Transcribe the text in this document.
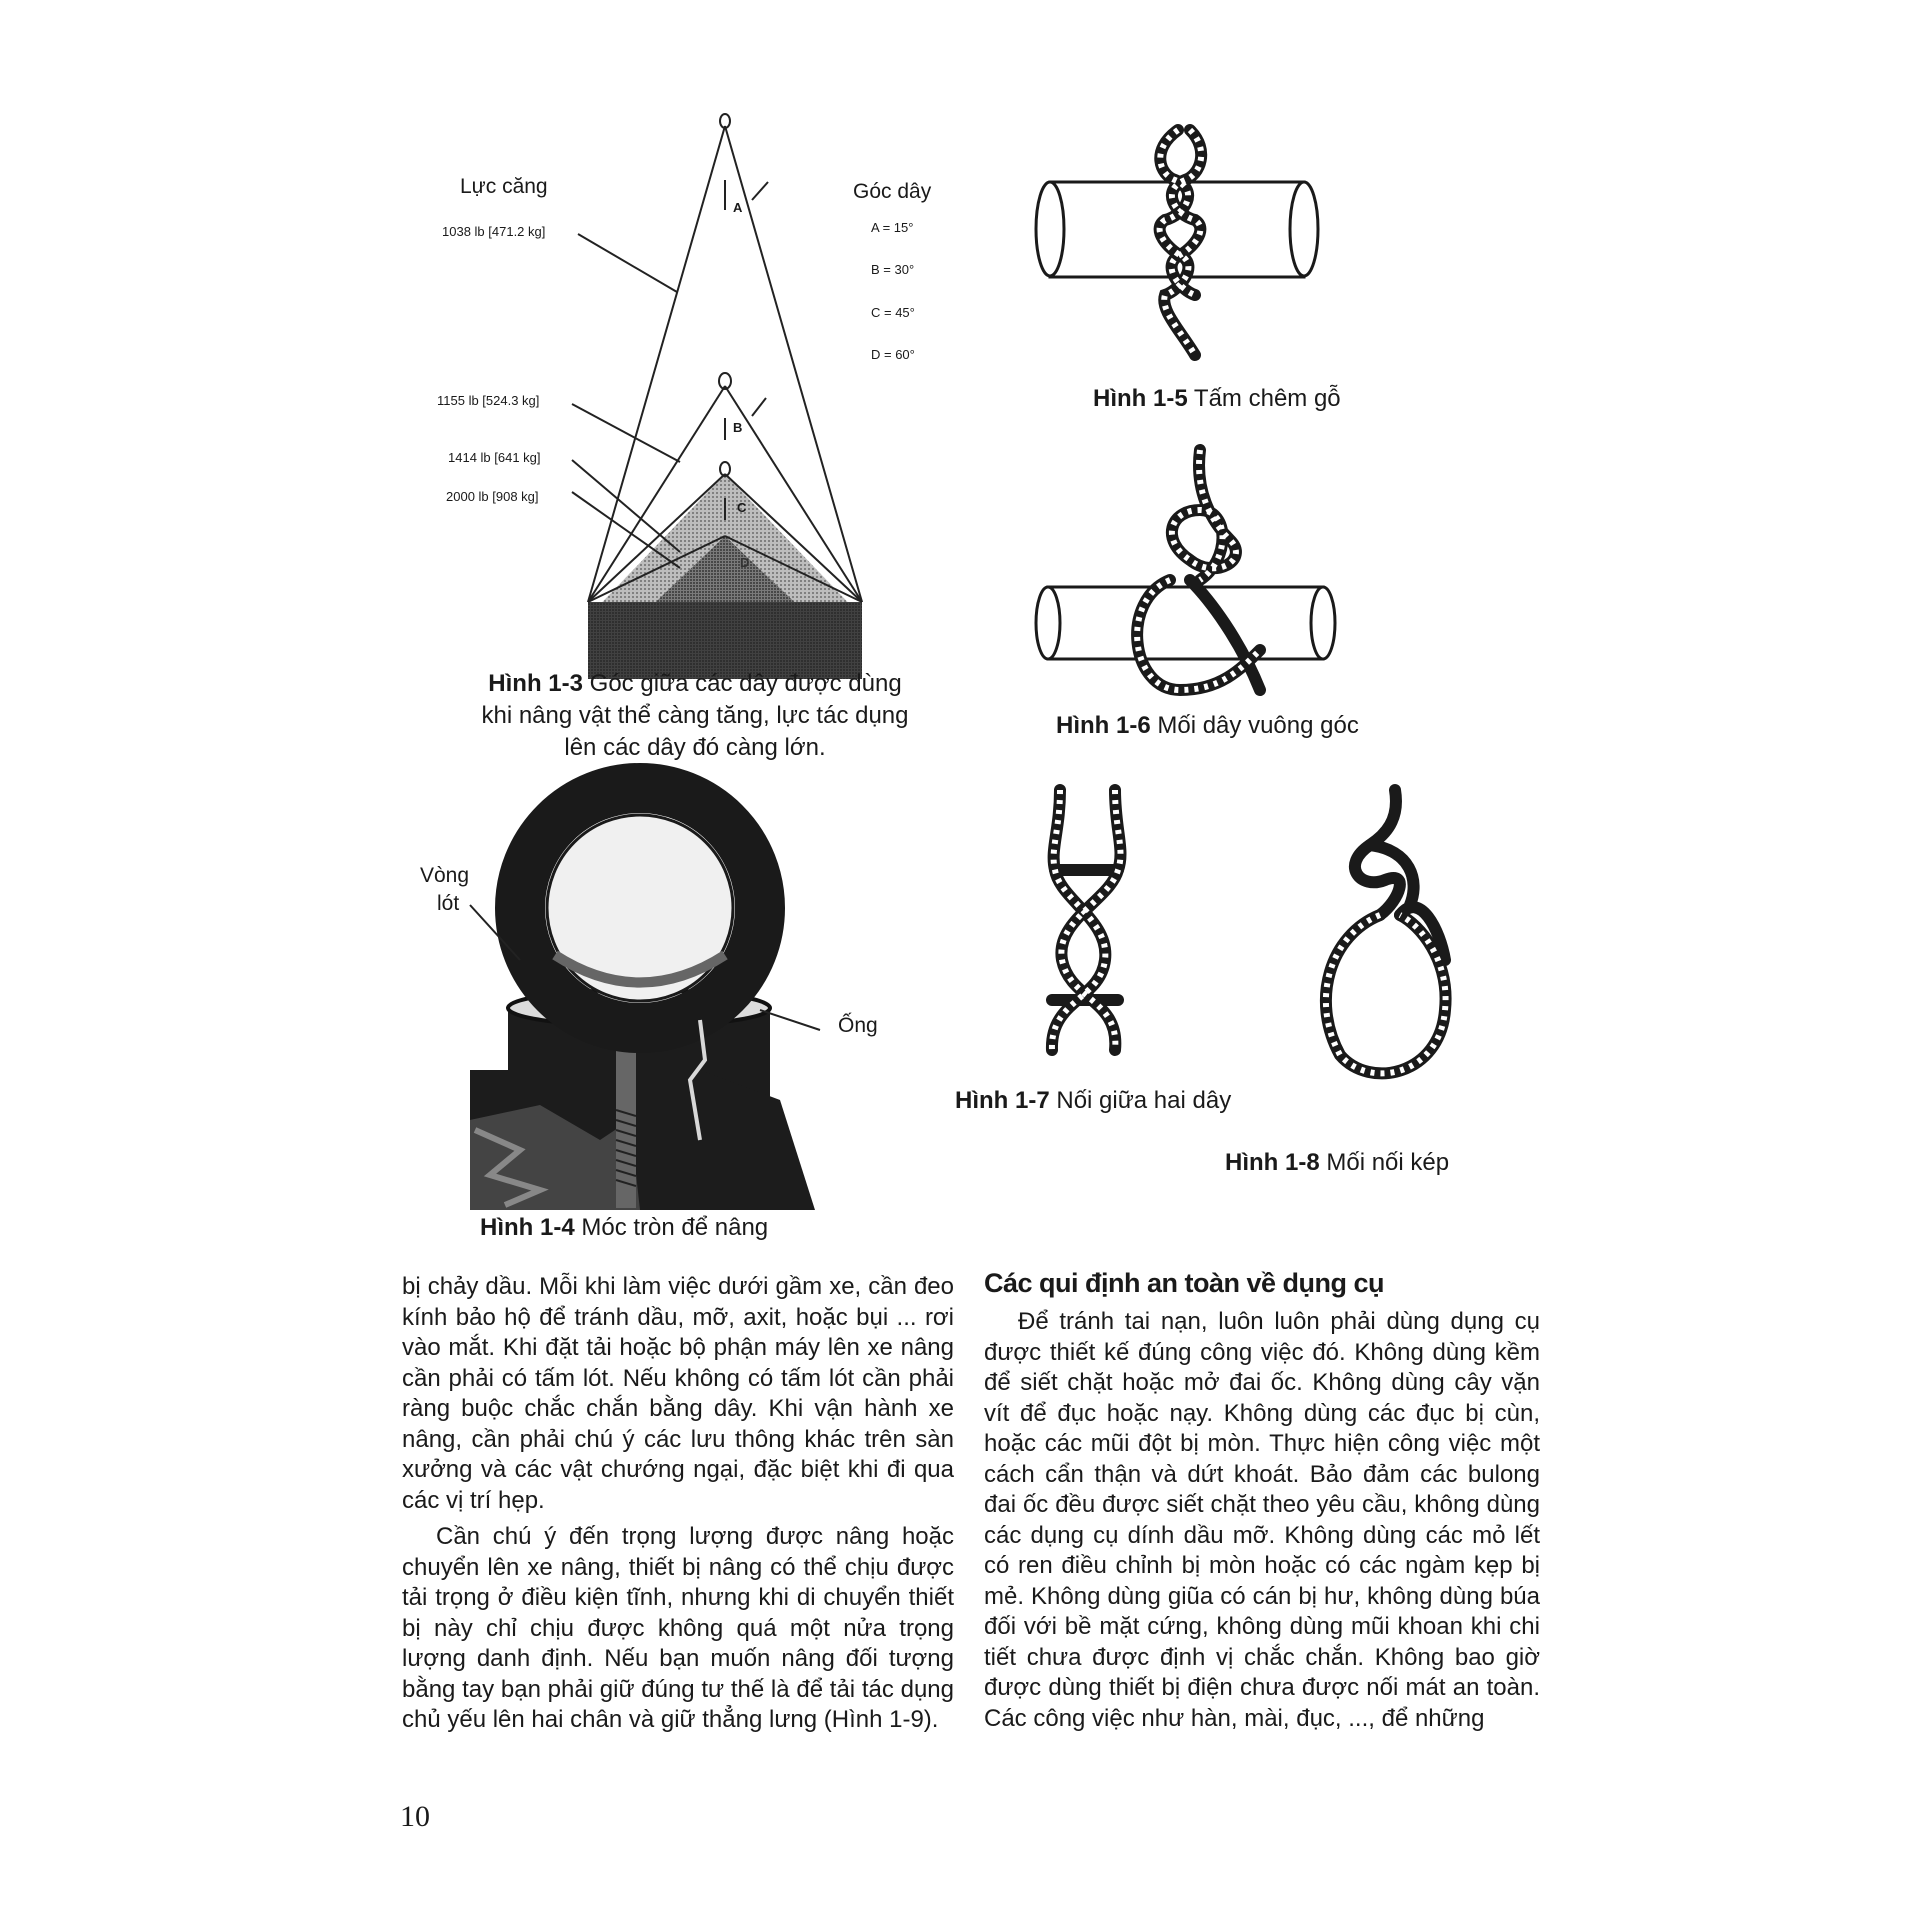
Lực căng	Góc dây
A
B
C
D
A = 15°
B = 30°
C = 45°
D = 60°
1038 lb [471.2 kg]
1155 lb [524.3 kg]
1414 lb [641 kg]
2000 lb [908 kg]
Hình 1-3 Góc giữa các dây được dùng
khi nâng vật thể càng tăng, lực tác dụng
lên các dây đó càng lớn.
Vòng
lót
Ống
Hình 1-4 Móc tròn để nâng
Hình 1-5 Tấm chêm gỗ
Hình 1-6 Mối dây vuông góc
Hình 1-7 Nối giữa hai dây
Hình 1-8 Mối nối kép

bị chảy dầu. Mỗi khi làm việc dưới gầm xe, cần đeo kính bảo hộ để tránh dầu, mỡ, axit, hoặc bụi ... rơi vào mắt. Khi đặt tải hoặc bộ phận máy lên xe nâng cần phải có tấm lót. Nếu không có tấm lót cần phải ràng buộc chắc chắn bằng dây. Khi vận hành xe nâng, cần phải chú ý các lưu thông khác trên sàn xưởng và các vật chướng ngại, đặc biệt khi đi qua các vị trí hẹp.

Cần chú ý đến trọng lượng được nâng hoặc chuyển lên xe nâng, thiết bị nâng có thể chịu được tải trọng ở điều kiện tĩnh, nhưng khi di chuyển thiết bị này chỉ chịu được không quá một nửa trọng lượng danh định. Nếu bạn muốn nâng đối tượng bằng tay bạn phải giữ đúng tư thế là để tải tác dụng chủ yếu lên hai chân và giữ thẳng lưng (Hình 1-9).

Các qui định an toàn về dụng cụ

Để tránh tai nạn, luôn luôn phải dùng dụng cụ được thiết kế đúng công việc đó. Không dùng kềm để siết chặt hoặc mở đai ốc. Không dùng cây vặn vít để đục hoặc nạy. Không dùng các đục bị cùn, hoặc các mũi đột bị mòn. Thực hiện công việc một cách cẩn thận và dứt khoát. Bảo đảm các bulong đai ốc đều được siết chặt theo yêu cầu, không dùng các dụng cụ dính dầu mỡ. Không dùng các mỏ lết có ren điều chỉnh bị mòn hoặc có các ngàm kẹp bị mẻ. Không dùng giũa có cán bị hư, không dùng búa đối với bề mặt cứng, không dùng mũi khoan khi chi tiết chưa được định vị chắc chắn. Không bao giờ được dùng thiết bị điện chưa được nối mát an toàn. Các công việc như hàn, mài, đục, ..., để những

10
